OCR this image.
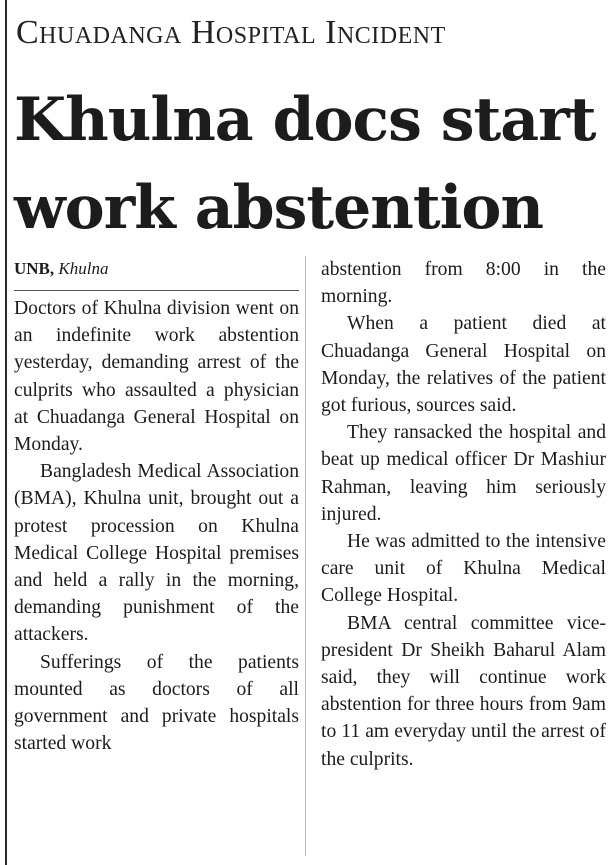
Chuadanga Hospital Incident
Khulna docs start work abstention
UNB, Khulna

Doctors of Khulna division went on an indefinite work abstention yesterday, demanding arrest of the culprits who assaulted a physician at Chuadanga General Hospital on Monday.

Bangladesh Medical Association (BMA), Khulna unit, brought out a protest procession on Khulna Medical College Hospital premises and held a rally in the morning, demanding punishment of the attackers.

Sufferings of the patients mounted as doctors of all government and private hospitals started work

abstention from 8:00 in the morning.

When a patient died at Chuadanga General Hospital on Monday, the relatives of the patient got furious, sources said.

They ransacked the hospital and beat up medical officer Dr Mashiur Rahman, leaving him seriously injured.

He was admitted to the intensive care unit of Khulna Medical College Hospital.

BMA central committee vice-president Dr Sheikh Baharul Alam said, they will continue work abstention for three hours from 9am to 11 am everyday until the arrest of the culprits.
